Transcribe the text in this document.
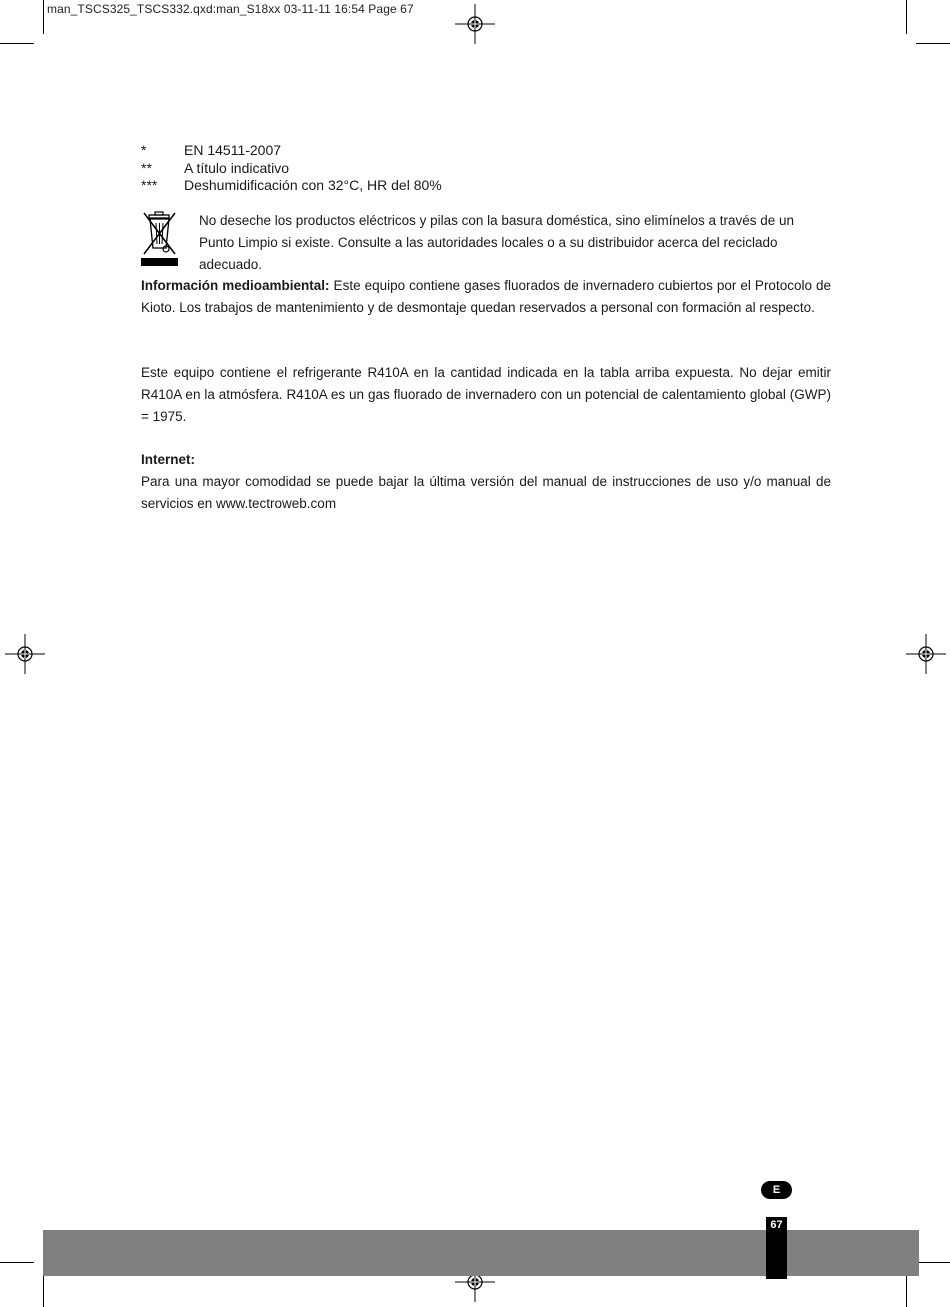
man_TSCS325_TSCS332.qxd:man_S18xx 03-11-11 16:54 Page 67
*	EN 14511-2007
**	A título indicativo
***	Deshumidificación con 32°C, HR del 80%
No deseche los productos eléctricos y pilas con la basura doméstica, sino elimínelos a través de un Punto Limpio si existe. Consulte a las autoridades locales o a su distribuidor acerca del reciclado adecuado.
Información medioambiental: Este equipo contiene gases fluorados de invernadero cubiertos por el Protocolo de Kioto. Los trabajos de mantenimiento y de desmontaje quedan reservados a personal con formación al respecto.
Este equipo contiene el refrigerante R410A en la cantidad indicada en la tabla arriba expuesta. No dejar emitir R410A en la atmósfera. R410A es un gas fluorado de invernadero con un potencial de calentamiento global (GWP) = 1975.
Internet:
Para una mayor comodidad se puede bajar la última versión del manual de instrucciones de uso y/o manual de servicios en www.tectroweb.com
E
67
